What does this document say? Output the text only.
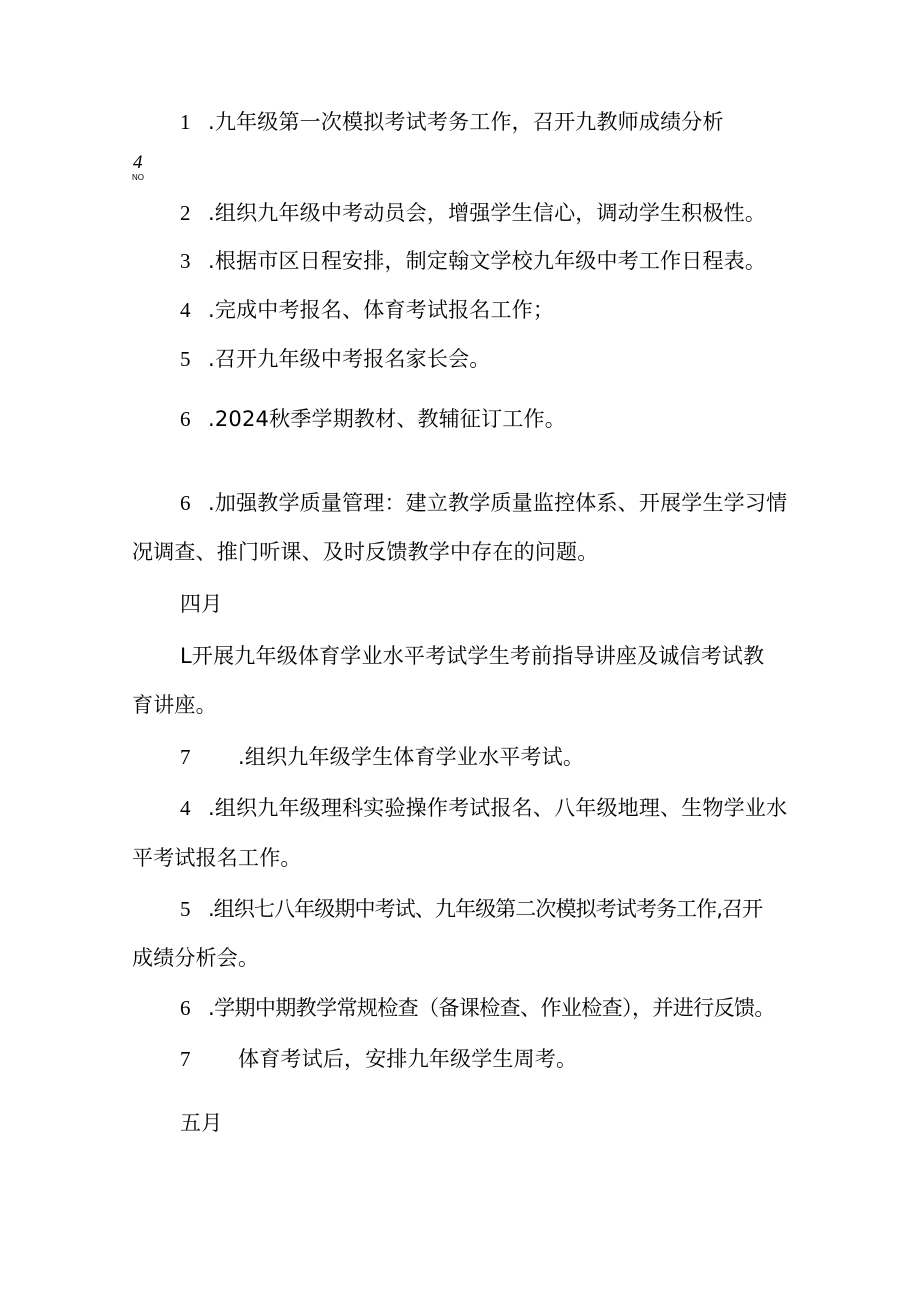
1 .九年级第一次模拟考试考务工作，召开九教师成绩分析
4
NO
2 .组织九年级中考动员会，增强学生信心，调动学生积极性。
3 .根据市区日程安排，制定翰文学校九年级中考工作日程表。
4 .完成中考报名、体育考试报名工作；
5 .召开九年级中考报名家长会。
6 .2024秋季学期教材、教辅征订工作。
6 .加强教学质量管理：建立教学质量监控体系、开展学生学习情
况调查、推门听课、及时反馈教学中存在的问题。
四月
L开展九年级体育学业水平考试学生考前指导讲座及诚信考试教
育讲座。
7 .组织九年级学生体育学业水平考试。
4 .组织九年级理科实验操作考试报名、八年级地理、生物学业水
平考试报名工作。
5 .组织七八年级期中考试、九年级第二次模拟考试考务工作,召开
成绩分析会。
6 .学期中期教学常规检查（备课检查、作业检查），并进行反馈。
7 体育考试后，安排九年级学生周考。
五月
